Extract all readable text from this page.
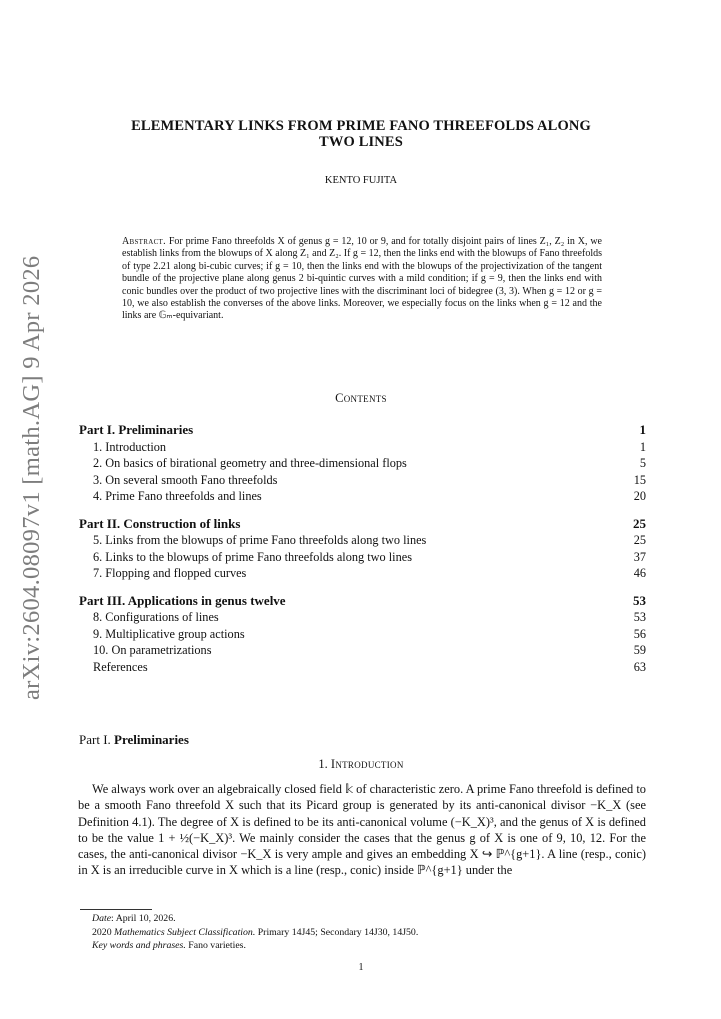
arXiv:2604.08097v1 [math.AG] 9 Apr 2026
ELEMENTARY LINKS FROM PRIME FANO THREEFOLDS ALONG
TWO LINES
KENTO FUJITA
Abstract. For prime Fano threefolds X of genus g = 12, 10 or 9, and for totally disjoint pairs of lines Z₁, Z₂ in X, we establish links from the blowups of X along Z₁ and Z₂. If g = 12, then the links end with the blowups of Fano threefolds of type 2.21 along bi-cubic curves; if g = 10, then the links end with the blowups of the projectivization of the tangent bundle of the projective plane along genus 2 bi-quintic curves with a mild condition; if g = 9, then the links end with conic bundles over the product of two projective lines with the discriminant loci of bidegree (3, 3). When g = 12 or g = 10, we also establish the converses of the above links. Moreover, we especially focus on the links when g = 12 and the links are 𝔾ₘ-equivariant.
Contents
Part I. Preliminaries	1
1. Introduction	1
2. On basics of birational geometry and three-dimensional flops	5
3. On several smooth Fano threefolds	15
4. Prime Fano threefolds and lines	20
Part II. Construction of links	25
5. Links from the blowups of prime Fano threefolds along two lines	25
6. Links to the blowups of prime Fano threefolds along two lines	37
7. Flopping and flopped curves	46
Part III. Applications in genus twelve	53
8. Configurations of lines	53
9. Multiplicative group actions	56
10. On parametrizations	59
References	63
Part I. Preliminaries
1. Introduction
We always work over an algebraically closed field 𝕜 of characteristic zero. A prime Fano threefold is defined to be a smooth Fano threefold X such that its Picard group is generated by its anti-canonical divisor −K_X (see Definition 4.1). The degree of X is defined to be its anti-canonical volume (−K_X)³, and the genus of X is defined to be the value 1 + ½(−K_X)³. We mainly consider the cases that the genus g of X is one of 9, 10, 12. For the cases, the anti-canonical divisor −K_X is very ample and gives an embedding X ↪ ℙ^{g+1}. A line (resp., conic) in X is an irreducible curve in X which is a line (resp., conic) inside ℙ^{g+1} under the
Date: April 10, 2026.
2020 Mathematics Subject Classification. Primary 14J45; Secondary 14J30, 14J50.
Key words and phrases. Fano varieties.
1
